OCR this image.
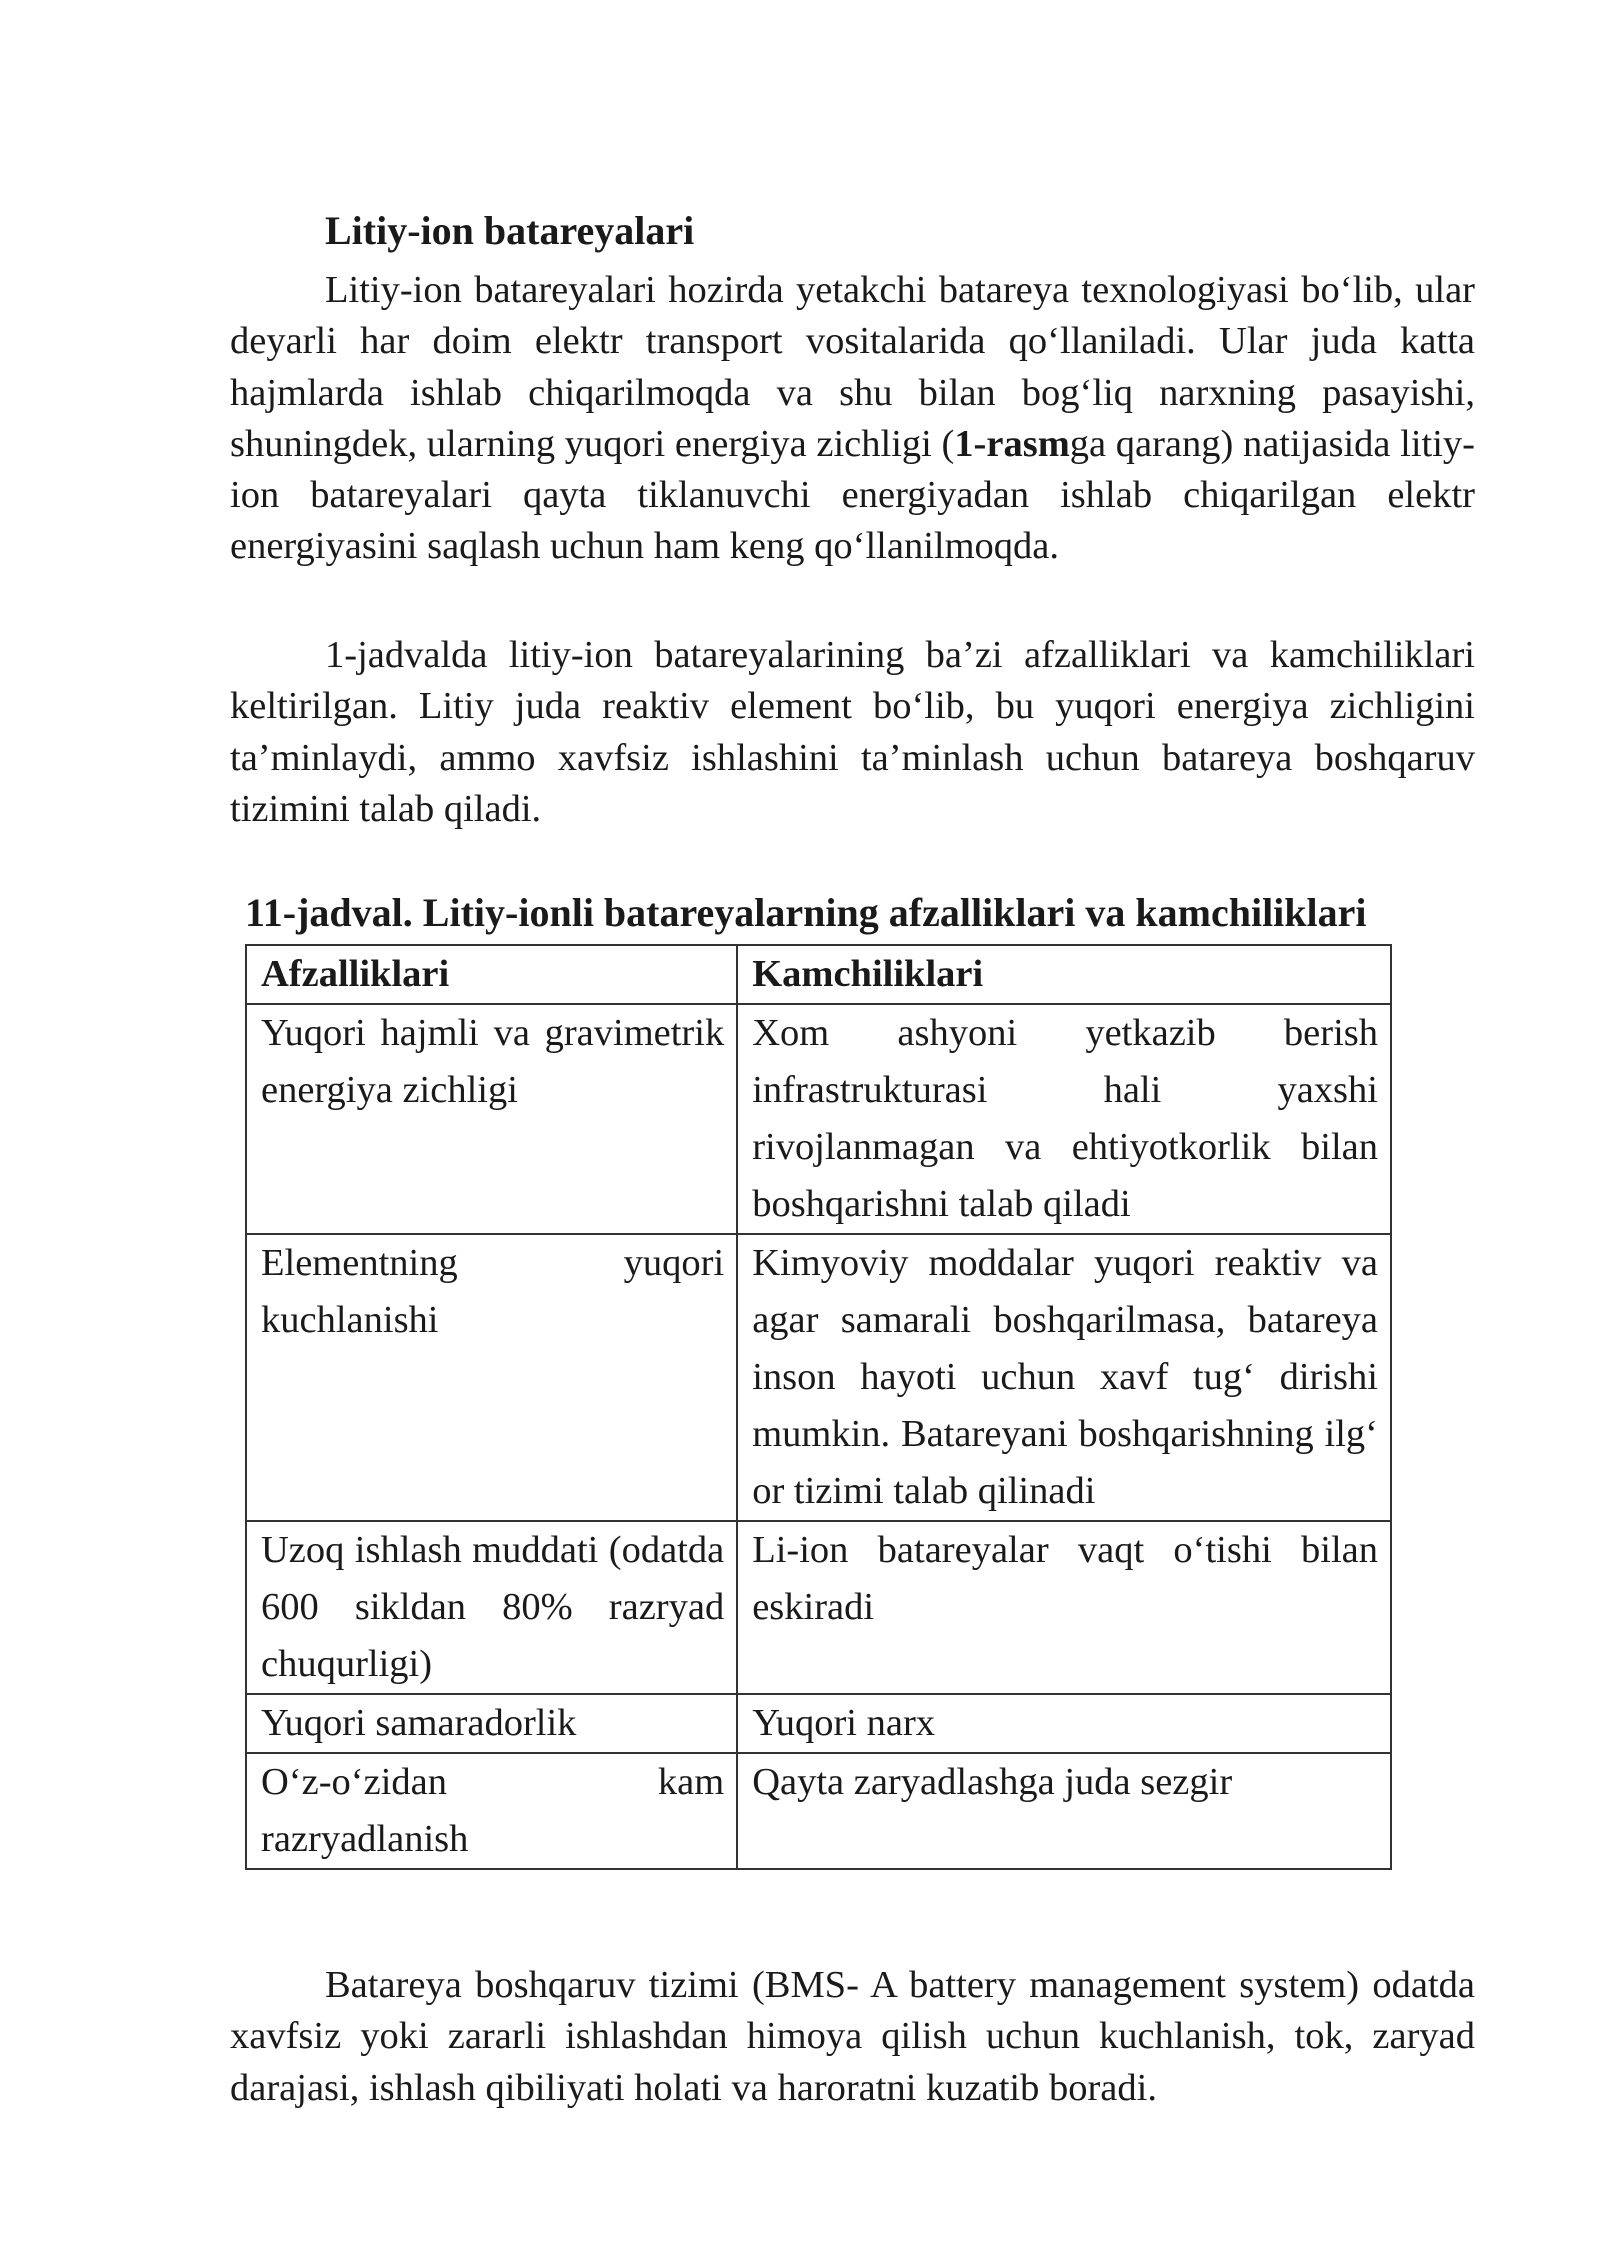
Litiy-ion batareyalari

Litiy-ion batareyalari hozirda yetakchi batareya texnologiyasi bo‘lib, ular deyarli har doim elektr transport vositalarida qo‘llaniladi. Ular juda katta hajmlarda ishlab chiqarilmoqda va shu bilan bog‘liq narxning pasayishi, shuningdek, ularning yuqori energiya zichligi (1-rasmga qarang) natijasida litiy-ion batareyalari qayta tiklanuvchi energiyadan ishlab chiqarilgan elektr energiyasini saqlash uchun ham keng qo‘llanilmoqda.

1-jadvalda litiy-ion batareyalarining ba’zi afzalliklari va kamchiliklari keltirilgan. Litiy juda reaktiv element bo‘lib, bu yuqori energiya zichligini ta’minlaydi, ammo xavfsiz ishlashini ta’minlash uchun batareya boshqaruv tizimini talab qiladi.

11-jadval. Litiy-ionli batareyalarning afzalliklari va kamchiliklari
Afzalliklari	Kamchiliklari
Yuqori hajmli va gravimetrik energiya zichligi	Xom ashyoni yetkazib berish infrastrukturasi hali yaxshi rivojlanmagan va ehtiyotkorlik bilan boshqarishni talab qiladi
Elementning yuqori kuchlanishi	Kimyoviy moddalar yuqori reaktiv va agar samarali boshqarilmasa, batareya inson hayoti uchun xavf tug‘ dirishi mumkin. Batareyani boshqarishning ilg‘ or tizimi talab qilinadi
Uzoq ishlash muddati (odatda 600 sikldan 80% razryad chuqurligi)	Li-ion batareyalar vaqt o‘tishi bilan eskiradi
Yuqori samaradorlik	Yuqori narx
O‘z-o‘zidan kam razryadlanish	Qayta zaryadlashga juda sezgir

Batareya boshqaruv tizimi (BMS- A battery management system) odatda xavfsiz yoki zararli ishlashdan himoya qilish uchun kuchlanish, tok, zaryad darajasi, ishlash qibiliyati holati va haroratni kuzatib boradi.
